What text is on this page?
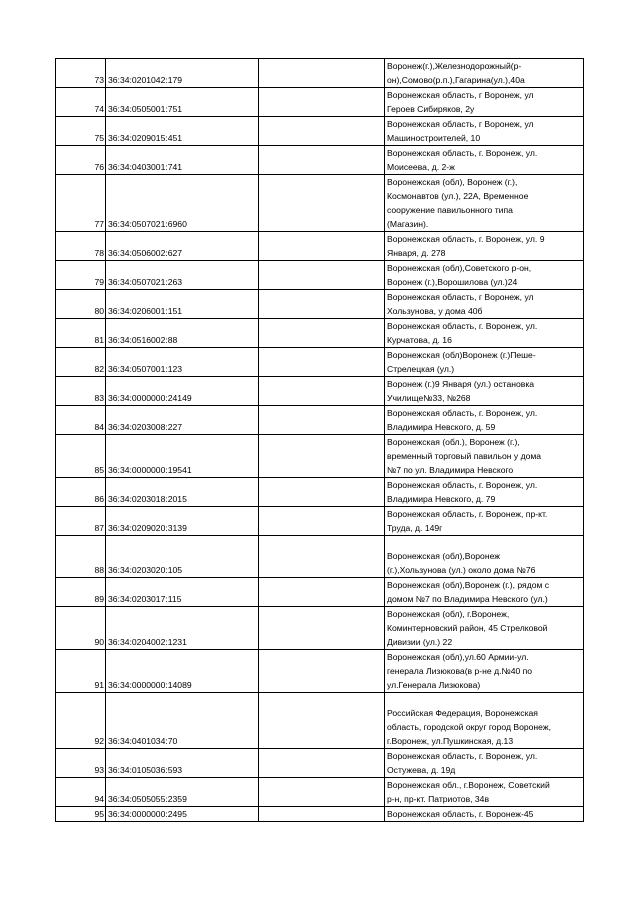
73	36:34:0201042:179		Воронеж(г.),Железнодорожный(р-
он),Сомово(р.п.),Гагарина(ул.),40а
74	36:34:0505001:751		Воронежская область, г Воронеж, ул
Героев Сибиряков, 2у
75	36:34:0209015:451		Воронежская область, г Воронеж, ул
Машиностроителей, 10
76	36:34:0403001:741		Воронежская область, г. Воронеж, ул.
Моисеева, д. 2-ж
77	36:34:0507021:6960		Воронежская (обл), Воронеж (г.),
Космонавтов (ул.), 22А, Временное
сооружение павильонного типа
(Магазин).
78	36:34:0506002:627		Воронежская область, г. Воронеж, ул. 9
Января, д. 278
79	36:34:0507021:263		Воронежская (обл),Советского р-он,
Воронеж (г.),Ворошилова (ул.)24
80	36:34:0206001:151		Воронежская область, г Воронеж, ул
Хользунова, у дома 40б
81	36:34:0516002:88		Воронежская область, г. Воронеж, ул.
Курчатова, д. 16
82	36:34:0507001:123		Воронежская (обл)Воронеж (г.)Пеше-
Стрелецкая (ул.)
83	36:34:0000000:24149		Воронеж (г.)9 Января (ул.) остановка
Училище№33, №268
84	36:34:0203008:227		Воронежская область, г. Воронеж, ул.
Владимира Невского, д. 59
85	36:34:0000000:19541		Воронежская (обл.), Воронеж (г.),
временный торговый павильон у дома
№7 по ул. Владимира Невского
86	36:34:0203018:2015		Воронежская область, г. Воронеж, ул.
Владимира Невского, д. 79
87	36:34:0209020:3139		Воронежская область, г. Воронеж, пр-кт.
Труда, д. 149г
88	36:34:0203020:105		Воронежская (обл),Воронеж
(г.),Хользунова (ул.) около дома №76
89	36:34:0203017:115		Воронежская (обл),Воронеж (г.), рядом с
домом №7 по Владимира Невского (ул.)
90	36:34:0204002:1231		Воронежская (обл), г.Воронеж,
Коминтерновский район, 45 Стрелковой
Дивизии (ул.) 22
91	36:34:0000000:14089		Воронежская (обл),ул.60 Армии-ул.
генерала Лизюкова(в р-не д.№40 по
ул.Генерала Лизюкова)
92	36:34:0401034:70		Российская Федерация, Воронежская
область, городской округ город Воронеж,
г.Воронеж, ул.Пушкинская, д.13
93	36:34:0105036:593		Воронежская область, г. Воронеж, ул.
Остужева, д. 19д
94	36:34:0505055:2359		Воронежская обл., г.Воронеж, Советский
р-н, пр-кт. Патриотов, 34в
95	36:34:0000000:2495		Воронежская область, г. Воронеж-45
